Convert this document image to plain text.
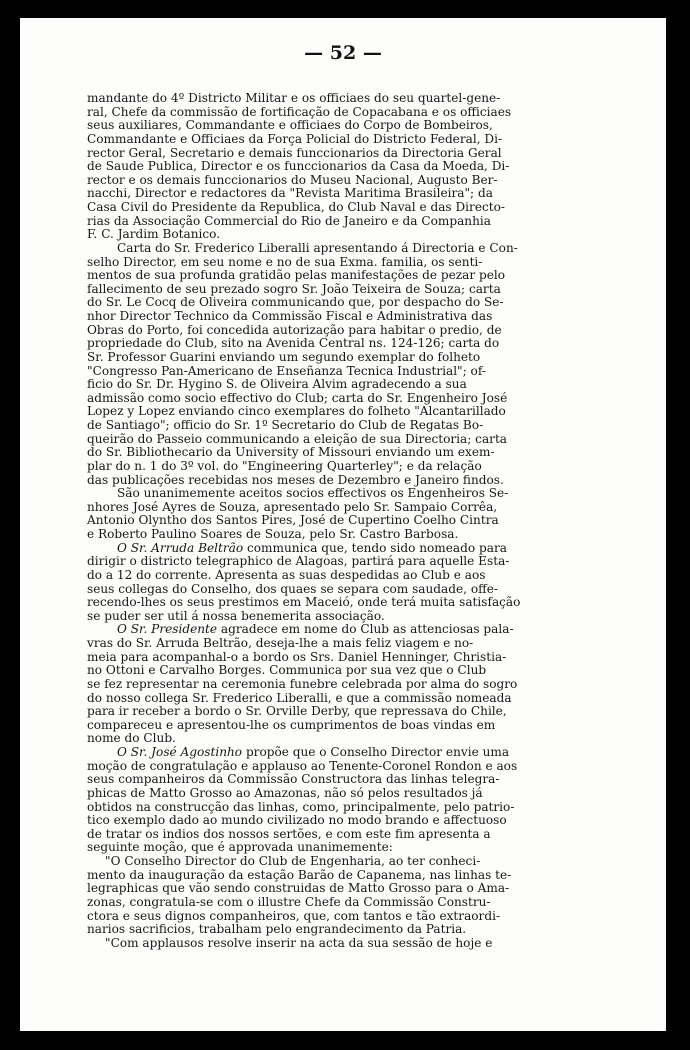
— 52 —

mandante do 4º Districto Militar e os officiaes do seu quartel-gene-

ral, Chefe da commissão de fortificação de Copacabana e os officiaes

seus auxiliares, Commandante e officiaes do Corpo de Bombeiros,

Commandante e Officiaes da Força Policial do Districto Federal, Di-

rector Geral, Secretario e demais funccionarios da Directoria Geral

de Saude Publica, Director e os funccionarios da Casa da Moeda, Di-

rector e os demais funccionarios do Museu Nacional, Augusto Ber-

nacchi, Director e redactores da "Revista Maritima Brasileira"; da

Casa Civil do Presidente da Republica, do Club Naval e das Directo-

rias da Associação Commercial do Rio de Janeiro e da Companhia

F. C. Jardim Botanico.

Carta do Sr. Frederico Liberalli apresentando á Directoria e Con-

selho Director, em seu nome e no de sua Exma. familia, os senti-

mentos de sua profunda gratidão pelas manifestações de pezar pelo

fallecimento de seu prezado sogro Sr. João Teixeira de Souza; carta

do Sr. Le Cocq de Oliveira communicando que, por despacho do Se-

nhor Director Technico da Commissão Fiscal e Administrativa das

Obras do Porto, foi concedida autorização para habitar o predio, de

propriedade do Club, sito na Avenida Central ns. 124-126; carta do

Sr. Professor Guarini enviando um segundo exemplar do folheto

"Congresso Pan-Americano de Enseñanza Tecnica Industrial"; of-

ficio do Sr. Dr. Hygino S. de Oliveira Alvim agradecendo a sua

admissão como socio effectivo do Club; carta do Sr. Engenheiro José

Lopez y Lopez enviando cinco exemplares do folheto "Alcantarillado

de Santiago"; officio do Sr. 1º Secretario do Club de Regatas Bo-

queirão do Passeio communicando a eleição de sua Directoria; carta

do Sr. Bibliothecario da University of Missouri enviando um exem-

plar do n. 1 do 3º vol. do "Engineering Quarterley"; e da relação

das publicações recebidas nos meses de Dezembro e Janeiro findos.

São unanimemente aceitos socios effectivos os Engenheiros Se-

nhores José Ayres de Souza, apresentado pelo Sr. Sampaio Corrêa,

Antonio Olyntho dos Santos Pires, José de Cupertino Coelho Cintra

e Roberto Paulino Soares de Souza, pelo Sr. Castro Barbosa.

O Sr. Arruda Beltrão communica que, tendo sido nomeado para

dirigir o districto telegraphico de Alagoas, partirá para aquelle Esta-

do a 12 do corrente. Apresenta as suas despedidas ao Club e aos

seus collegas do Conselho, dos quaes se separa com saudade, offe-

recendo-lhes os seus prestimos em Maceió, onde terá muita satisfação

se puder ser util á nossa benemerita associação.

O Sr. Presidente agradece em nome do Club as attenciosas pala-

vras do Sr. Arruda Beltrão, deseja-lhe a mais feliz viagem e no-

meia para acompanhal-o a bordo os Srs. Daniel Henninger, Christia-

no Ottoni e Carvalho Borges. Communica por sua vez que o Club

se fez representar na ceremonia funebre celebrada por alma do sogro

do nosso collega Sr. Frederico Liberalli, e que a commissão nomeada

para ir receber a bordo o Sr. Orville Derby, que repressava do Chile,

compareceu e apresentou-lhe os cumprimentos de boas vindas em

nome do Club.

O Sr. José Agostinho propõe que o Conselho Director envie uma

moção de congratulação e applauso ao Tenente-Coronel Rondon e aos

seus companheiros da Commissão Constructora das linhas telegra-

phicas de Matto Grosso ao Amazonas, não só pelos resultados já

obtidos na construcção das linhas, como, principalmente, pelo patrio-

tico exemplo dado ao mundo civilizado no modo brando e affectuoso

de tratar os indios dos nossos sertões, e com este fim apresenta a

seguinte moção, que é approvada unanimemente:

"O Conselho Director do Club de Engenharia, ao ter conheci-

mento da inauguração da estação Barão de Capanema, nas linhas te-

legraphicas que vão sendo construidas de Matto Grosso para o Ama-

zonas, congratula-se com o illustre Chefe da Commissão Constru-

ctora e seus dignos companheiros, que, com tantos e tão extraordi-

narios sacrificios, trabalham pelo engrandecimento da Patria.

"Com applausos resolve inserir na acta da sua sessão de hoje e
